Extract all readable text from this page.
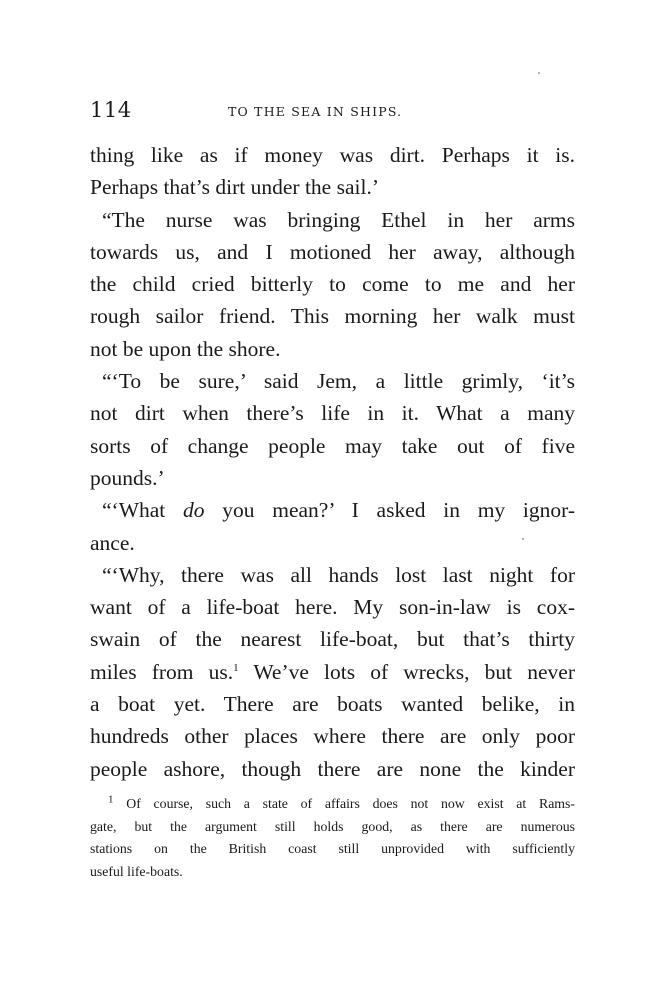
114	TO THE SEA IN SHIPS.
thing like as if money was dirt. Perhaps it is.
Perhaps that’s dirt under the sail.’
“The nurse was bringing Ethel in her arms
towards us, and I motioned her away, although
the child cried bitterly to come to me and her
rough sailor friend. This morning her walk must
not be upon the shore.
“‘To be sure,’ said Jem, a little grimly, ‘it’s
not dirt when there’s life in it. What a many
sorts of change people may take out of five
pounds.’
“‘What do you mean?’ I asked in my ignor-
ance.
“‘Why, there was all hands lost last night for
want of a life-boat here. My son-in-law is cox-
swain of the nearest life-boat, but that’s thirty
miles from us.$^1$ We’ve lots of wrecks, but never
a boat yet. There are boats wanted belike, in
hundreds other places where there are only poor
people ashore, though there are none the kinder
$^1$ Of course, such a state of affairs does not now exist at Rams-
gate, but the argument still holds good, as there are numerous
stations on the British coast still unprovided with sufficiently
useful life-boats.
